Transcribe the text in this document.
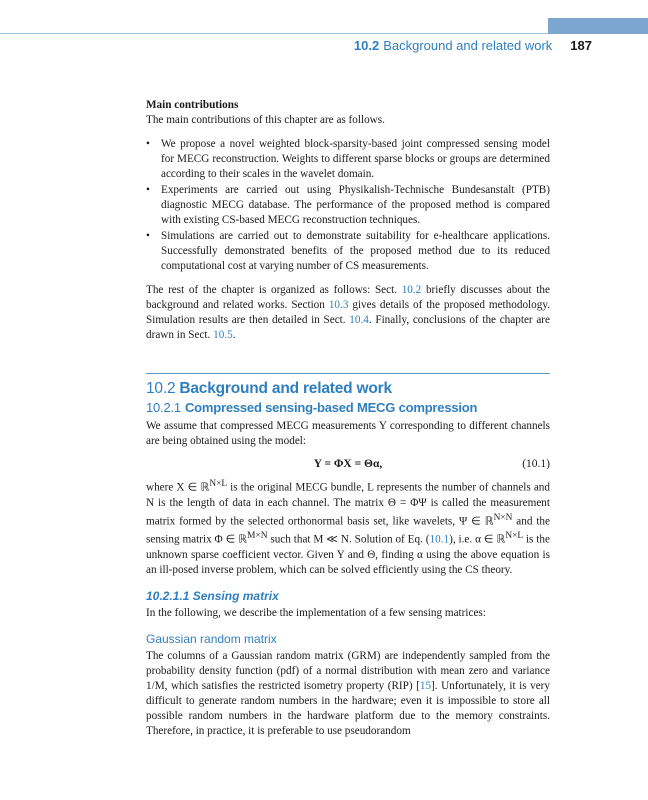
10.2 Background and related work 187

Main contributions

The main contributions of this chapter are as follows.

• We propose a novel weighted block-sparsity-based joint compressed sensing model for MECG reconstruction. Weights to different sparse blocks or groups are determined according to their scales in the wavelet domain.

• Experiments are carried out using Physikalish-Technische Bundesanstalt (PTB) diagnostic MECG database. The performance of the proposed method is compared with existing CS-based MECG reconstruction techniques.

• Simulations are carried out to demonstrate suitability for e-healthcare applications. Successfully demonstrated benefits of the proposed method due to its reduced computational cost at varying number of CS measurements.

The rest of the chapter is organized as follows: Sect. 10.2 briefly discusses about the background and related works. Section 10.3 gives details of the proposed methodology. Simulation results are then detailed in Sect. 10.4. Finally, conclusions of the chapter are drawn in Sect. 10.5.

10.2 Background and related work
10.2.1 Compressed sensing-based MECG compression

We assume that compressed MECG measurements Y corresponding to different channels are being obtained using the model:

Y = ΦX = Θα,	(10.1)

where X ∈ ℝ$^{N\times L}$ is the original MECG bundle, L represents the number of channels and N is the length of data in each channel. The matrix Θ = ΦΨ is called the measurement matrix formed by the selected orthonormal basis set, like wavelets, Ψ ∈ ℝ$^{N\times N}$ and the sensing matrix Φ ∈ ℝ$^{M\times N}$ such that M ≪ N. Solution of Eq. (10.1), i.e. α ∈ ℝ$^{N\times L}$ is the unknown sparse coefficient vector. Given Y and Θ, finding α using the above equation is an ill-posed inverse problem, which can be solved efficiently using the CS theory.

10.2.1.1 Sensing matrix

In the following, we describe the implementation of a few sensing matrices:

Gaussian random matrix

The columns of a Gaussian random matrix (GRM) are independently sampled from the probability density function (pdf) of a normal distribution with mean zero and variance 1/M, which satisfies the restricted isometry property (RIP) [15]. Unfortunately, it is very difficult to generate random numbers in the hardware; even it is impossible to store all possible random numbers in the hardware platform due to the memory constraints. Therefore, in practice, it is preferable to use pseudorandom
